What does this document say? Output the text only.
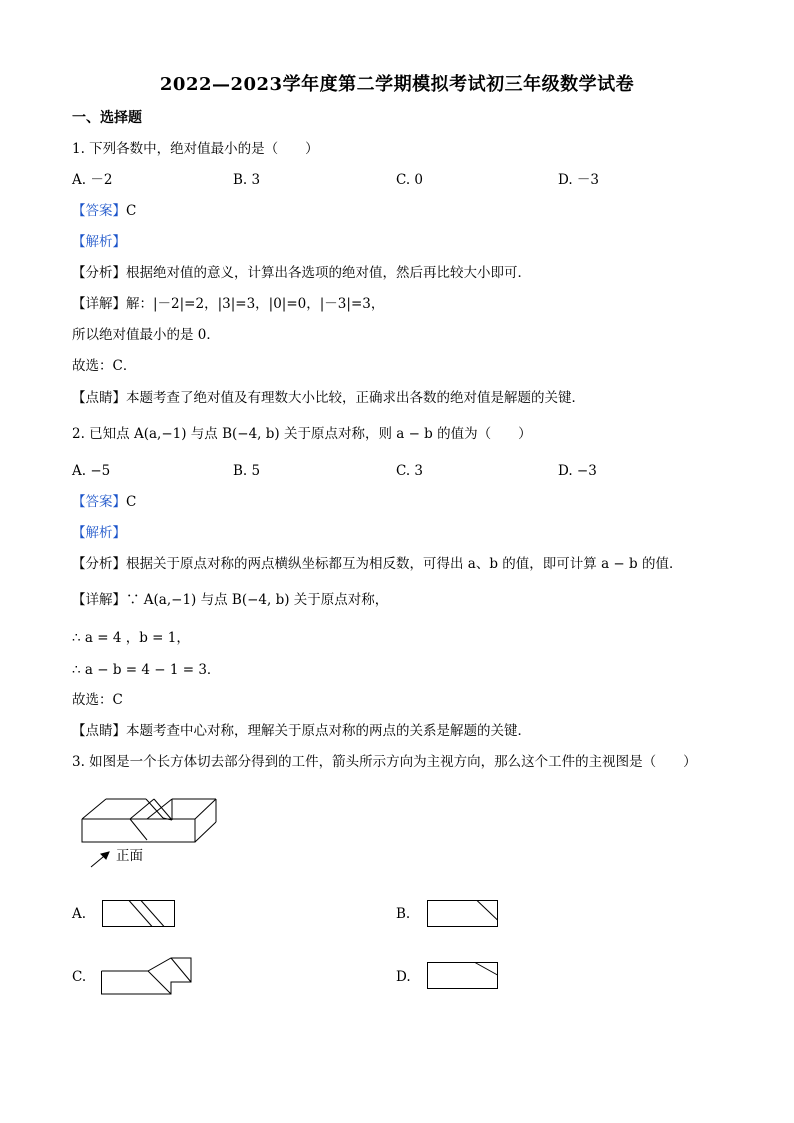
2022—2023学年度第二学期模拟考试初三年级数学试卷
一、选择题
1. 下列各数中，绝对值最小的是（　　）
A. －2	B. 3	C. 0	D. －3
【答案】C
【解析】
【分析】根据绝对值的意义，计算出各选项的绝对值，然后再比较大小即可．
【详解】解：|－2|=2，|3|=3，|0|=0，|－3|=3，
所以绝对值最小的是 0．
故选：C．
【点睛】本题考查了绝对值及有理数大小比较，正确求出各数的绝对值是解题的关键．
2. 已知点 A(a,−1) 与点 B(−4, b) 关于原点对称，则 a − b 的值为（　　）
A. −5	B. 5	C. 3	D. −3
【答案】C
【解析】
【分析】根据关于原点对称的两点横纵坐标都互为相反数，可得出 a、b 的值，即可计算 a − b 的值．
【详解】∵ A(a,−1) 与点 B(−4, b) 关于原点对称，
∴ a = 4 ，b = 1，
∴ a − b = 4 − 1 = 3．
故选：C
【点睛】本题考查中心对称，理解关于原点对称的两点的关系是解题的关键．
3. 如图是一个长方体切去部分得到的工件，箭头所示方向为主视方向，那么这个工件的主视图是（　　）
正面
A.	B.
C.	D.
